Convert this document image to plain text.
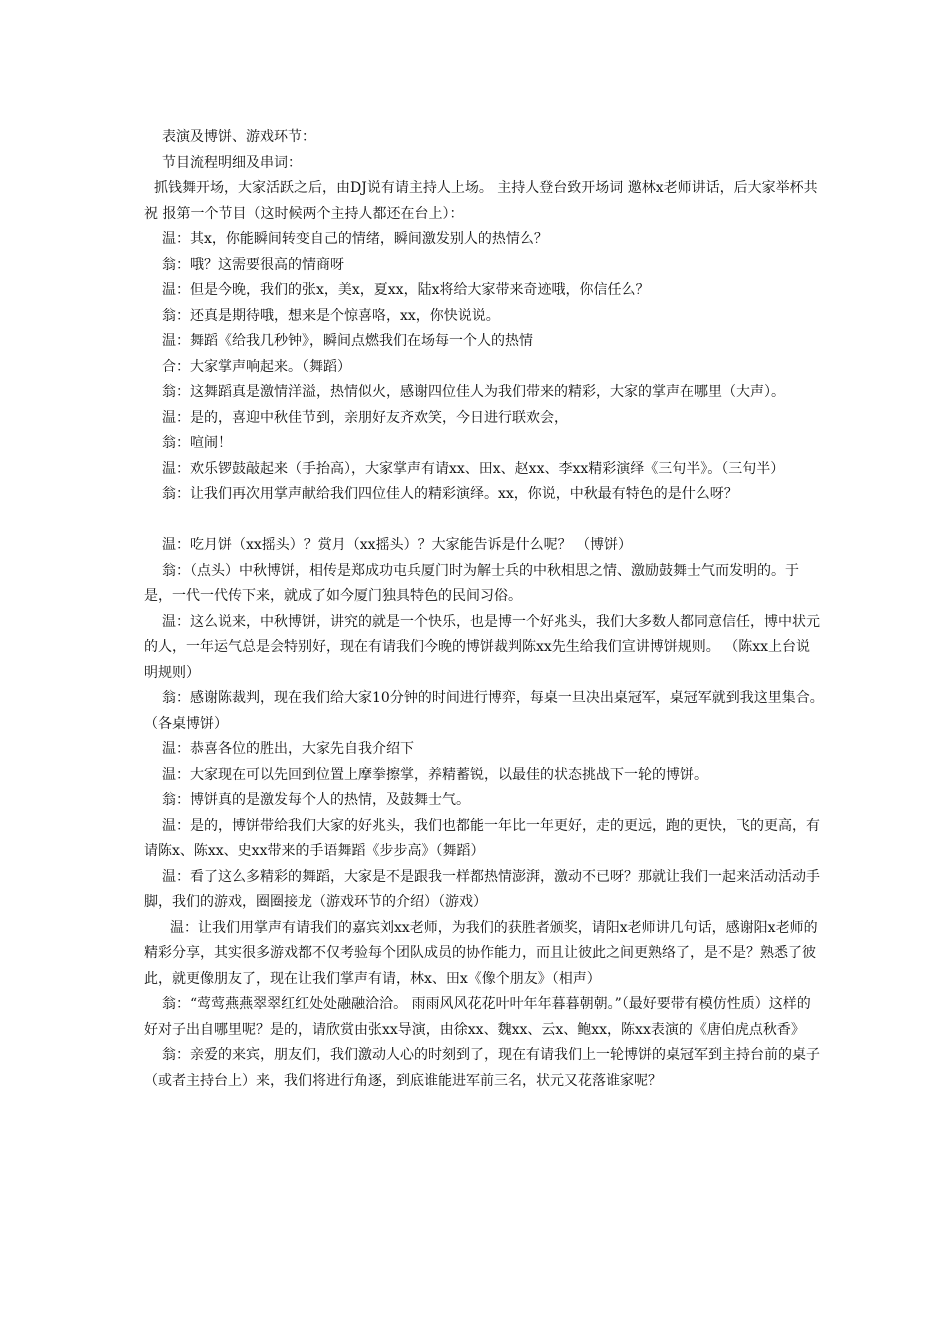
表演及博饼、游戏环节：

节目流程明细及串词：

抓钱舞开场，大家活跃之后，由DJ说有请主持人上场。 主持人登台致开场词 邀林x老师讲话，后大家举杯共祝 报第一个节目（这时候两个主持人都还在台上）：

温：其x，你能瞬间转变自己的情绪，瞬间激发别人的热情么？

翁：哦？这需要很高的情商呀

温：但是今晚，我们的张x，美x，夏xx，陆x将给大家带来奇迹哦，你信任么？

翁：还真是期待哦，想来是个惊喜咯，xx，你快说说。

温：舞蹈《给我几秒钟》，瞬间点燃我们在场每一个人的热情

合：大家掌声响起来。（舞蹈）

翁：这舞蹈真是激情洋溢，热情似火，感谢四位佳人为我们带来的精彩，大家的掌声在哪里（大声）。

温：是的，喜迎中秋佳节到，亲朋好友齐欢笑，今日进行联欢会，

翁：喧闹！

温：欢乐锣鼓敲起来（手抬高），大家掌声有请xx、田x、赵xx、李xx精彩演绎《三句半》。（三句半）

翁：让我们再次用掌声献给我们四位佳人的精彩演绎。xx，你说，中秋最有特色的是什么呀？

温：吃月饼（xx摇头）？赏月（xx摇头）？大家能告诉是什么呢？ （博饼）

翁：（点头）中秋博饼，相传是郑成功屯兵厦门时为解士兵的中秋相思之情、激励鼓舞士气而发明的。于是，一代一代传下来，就成了如今厦门独具特色的民间习俗。

温：这么说来，中秋博饼，讲究的就是一个快乐，也是博一个好兆头，我们大多数人都同意信任，博中状元的人，一年运气总是会特别好，现在有请我们今晚的博饼裁判陈xx先生给我们宣讲博饼规则。 （陈xx上台说明规则）

翁：感谢陈裁判，现在我们给大家10分钟的时间进行博弈，每桌一旦决出桌冠军，桌冠军就到我这里集合。（各桌博饼）

温：恭喜各位的胜出，大家先自我介绍下

温：大家现在可以先回到位置上摩拳擦掌，养精蓄锐，以最佳的状态挑战下一轮的博饼。

翁：博饼真的是激发每个人的热情，及鼓舞士气。

温：是的，博饼带给我们大家的好兆头，我们也都能一年比一年更好，走的更远，跑的更快，飞的更高，有请陈x、陈xx、史xx带来的手语舞蹈《步步高》（舞蹈）

温：看了这么多精彩的舞蹈，大家是不是跟我一样都热情澎湃，激动不已呀？那就让我们一起来活动活动手脚，我们的游戏，圈圈接龙（游戏环节的介绍）（游戏）

温：让我们用掌声有请我们的嘉宾刘xx老师，为我们的获胜者颁奖，请阳x老师讲几句话，感谢阳x老师的精彩分享，其实很多游戏都不仅考验每个团队成员的协作能力，而且让彼此之间更熟络了，是不是？熟悉了彼此，就更像朋友了，现在让我们掌声有请，林x、田x《像个朋友》（相声）

翁：“莺莺燕燕翠翠红红处处融融洽洽。 雨雨风风花花叶叶年年暮暮朝朝。”（最好要带有模仿性质）这样的好对子出自哪里呢？是的，请欣赏由张xx导演，由徐xx、魏xx、云x、鲍xx，陈xx表演的《唐伯虎点秋香》

翁：亲爱的来宾，朋友们，我们激动人心的时刻到了，现在有请我们上一轮博饼的桌冠军到主持台前的桌子（或者主持台上）来，我们将进行角逐，到底谁能进军前三名，状元又花落谁家呢？
